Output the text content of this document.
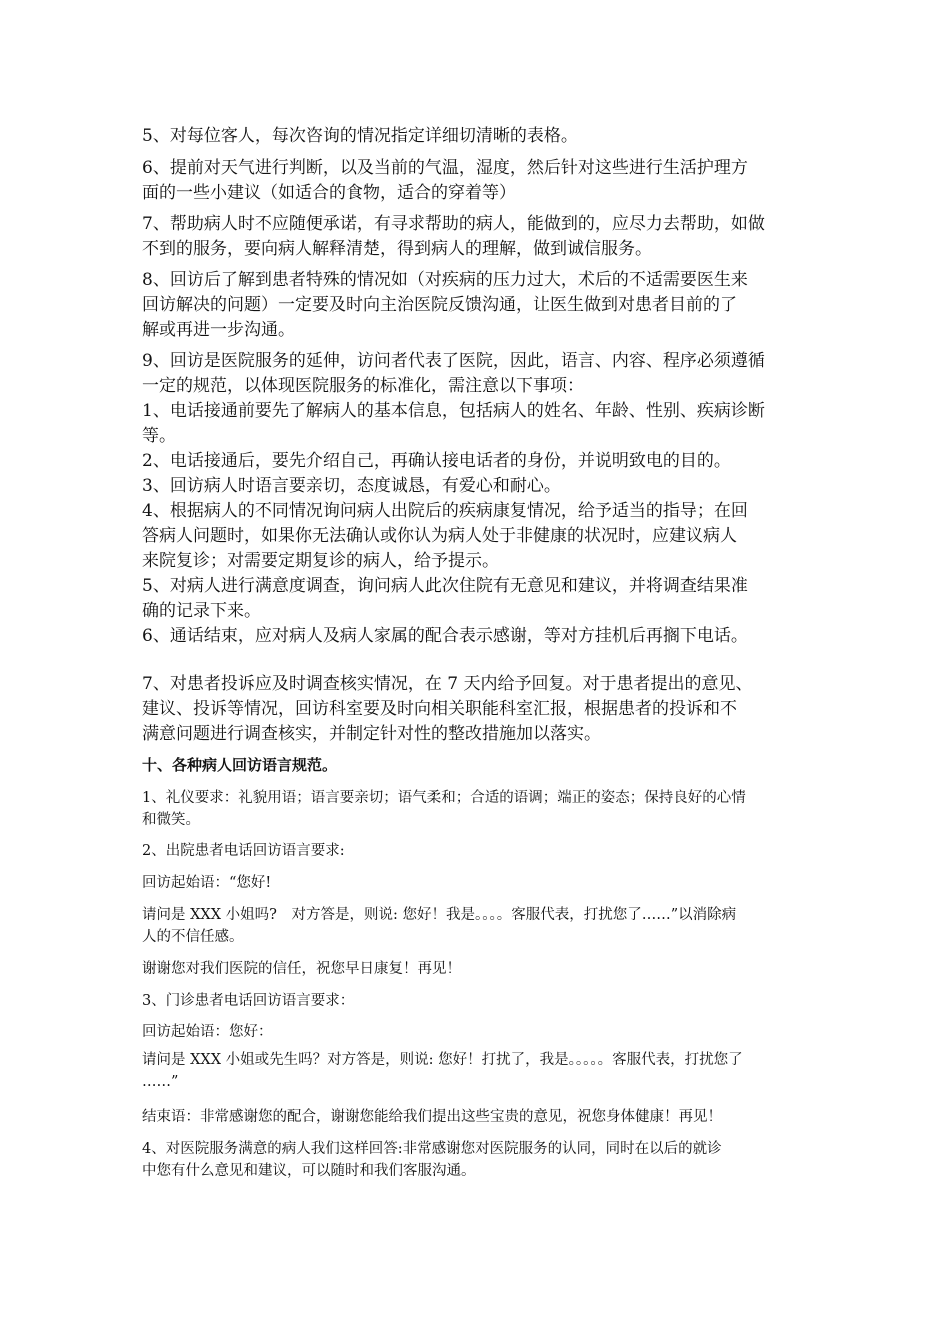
5、对每位客人，每次咨询的情况指定详细切清晰的表格。

6、提前对天气进行判断，以及当前的气温，湿度，然后针对这些进行生活护理方
面的一些小建议（如适合的食物，适合的穿着等）

7、帮助病人时不应随便承诺，有寻求帮助的病人，能做到的，应尽力去帮助，如做
不到的服务，要向病人解释清楚，得到病人的理解，做到诚信服务。

8、回访后了解到患者特殊的情况如（对疾病的压力过大，术后的不适需要医生来
回访解决的问题）一定要及时向主治医院反馈沟通，让医生做到对患者目前的了
解或再进一步沟通。

9、回访是医院服务的延伸，访问者代表了医院，因此，语言、内容、程序必须遵循
一定的规范，以体现医院服务的标准化，需注意以下事项：
1、电话接通前要先了解病人的基本信息，包括病人的姓名、年龄、性别、疾病诊断
等。
2、电话接通后，要先介绍自己，再确认接电话者的身份，并说明致电的目的。
3、回访病人时语言要亲切，态度诚恳，有爱心和耐心。
4、根据病人的不同情况询问病人出院后的疾病康复情况，给予适当的指导；在回
答病人问题时，如果你无法确认或你认为病人处于非健康的状况时，应建议病人
来院复诊；对需要定期复诊的病人，给予提示。
5、对病人进行满意度调查，询问病人此次住院有无意见和建议，并将调查结果准
确的记录下来。
6、通话结束，应对病人及病人家属的配合表示感谢，等对方挂机后再搁下电话。

7、对患者投诉应及时调查核实情况，在 7 天内给予回复。对于患者提出的意见、
建议、投诉等情况，回访科室要及时向相关职能科室汇报，根据患者的投诉和不
满意问题进行调查核实，并制定针对性的整改措施加以落实。

十、各种病人回访语言规范。

1、礼仪要求：礼貌用语；语言要亲切；语气柔和；合适的语调；端正的姿态；保持良好的心情
和微笑。

2、出院患者电话回访语言要求:

回访起始语：“您好!

请问是 XXX 小姐吗?　对方答是，则说: 您好！我是。。。。客服代表，打扰您了……”以消除病
人的不信任感。

谢谢您对我们医院的信任，祝您早日康复！再见！

3、门诊患者电话回访语言要求：

回访起始语：您好：

请问是 XXX 小姐或先生吗？对方答是，则说: 您好！打扰了，我是。。。。。客服代表，打扰您了
……”

结束语：非常感谢您的配合，谢谢您能给我们提出这些宝贵的意见，祝您身体健康！再见！

4、对医院服务满意的病人我们这样回答:非常感谢您对医院服务的认同，同时在以后的就诊
中您有什么意见和建议，可以随时和我们客服沟通。
